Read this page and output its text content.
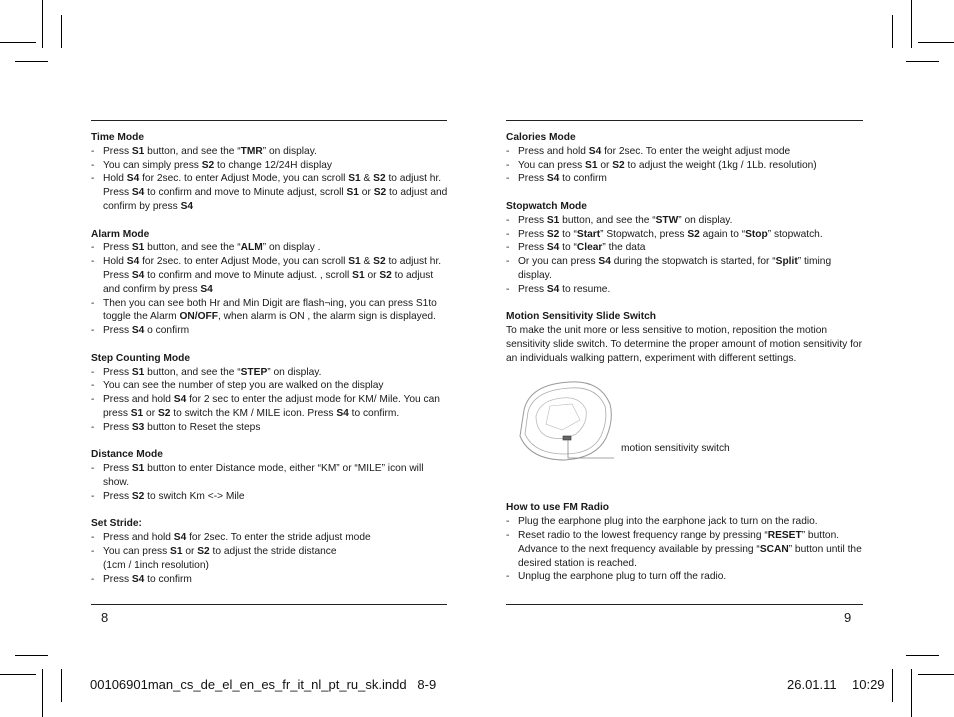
Time Mode
- Press S1 button, and see the “TMR” on display.
- You can simply press S2 to change 12/24H display
- Hold S4 for 2sec. to enter Adjust Mode, you can scroll S1 & S2 to adjust hr. Press S4 to confirm and move to Minute adjust, scroll S1 or S2 to adjust and confirm by press S4
Alarm Mode
- Press S1 button, and see the “ALM” on display .
- Hold S4 for 2sec. to enter Adjust Mode, you can scroll S1 & S2 to adjust hr. Press S4 to confirm and move to Minute adjust. , scroll S1 or S2 to adjust and confirm by press S4
- Then you can see both Hr and Min Digit are flash¬ing, you can press S1to toggle the Alarm ON/OFF, when alarm is ON , the alarm sign is displayed.
- Press S4 o confirm
Step Counting Mode
- Press S1 button, and see the “STEP” on display.
- You can see the number of step you are walked on the display
- Press and hold S4 for 2 sec to enter the adjust mode for KM/ Mile. You can press S1 or S2 to switch the KM / MILE icon. Press S4 to confirm.
- Press S3 button to Reset the steps
Distance Mode
- Press S1 button to enter Distance mode, either “KM” or “MILE” icon will show.
- Press S2 to switch Km <-> Mile
Set Stride:
- Press and hold S4 for 2sec. To enter the stride adjust mode
- You can press S1 or S2 to adjust the stride distance
(1cm / 1inch resolution)
- Press S4 to confirm
Calories Mode
- Press and hold S4 for 2sec. To enter the weight adjust mode
- You can press S1 or S2 to adjust the weight (1kg / 1Lb. resolution)
- Press S4 to confirm
Stopwatch Mode
- Press S1 button, and see the “STW” on display.
- Press S2 to “Start” Stopwatch, press S2 again to “Stop” stopwatch.
- Press S4 to “Clear” the data
- Or you can press S4 during the stopwatch is started, for “Split” timing display.
- Press S4 to resume.
Motion Sensitivity Slide Switch
To make the unit more or less sensitive to motion, reposition the motion sensitivity slide switch. To determine the proper amount of motion sensitivity for an individuals walking pattern, experiment with different settings.
How to use FM Radio
- Plug the earphone plug into the earphone jack to turn on the radio.
- Reset radio to the lowest frequency range by pressing “RESET” button. Advance to the next frequency available by pressing “SCAN” button until the desired station is reached.
- Unplug the earphone plug to turn off the radio.
motion sensitivity switch
8	9
00106901man_cs_de_el_en_es_fr_it_nl_pt_ru_sk.indd   8-9	26.01.11 10:29
